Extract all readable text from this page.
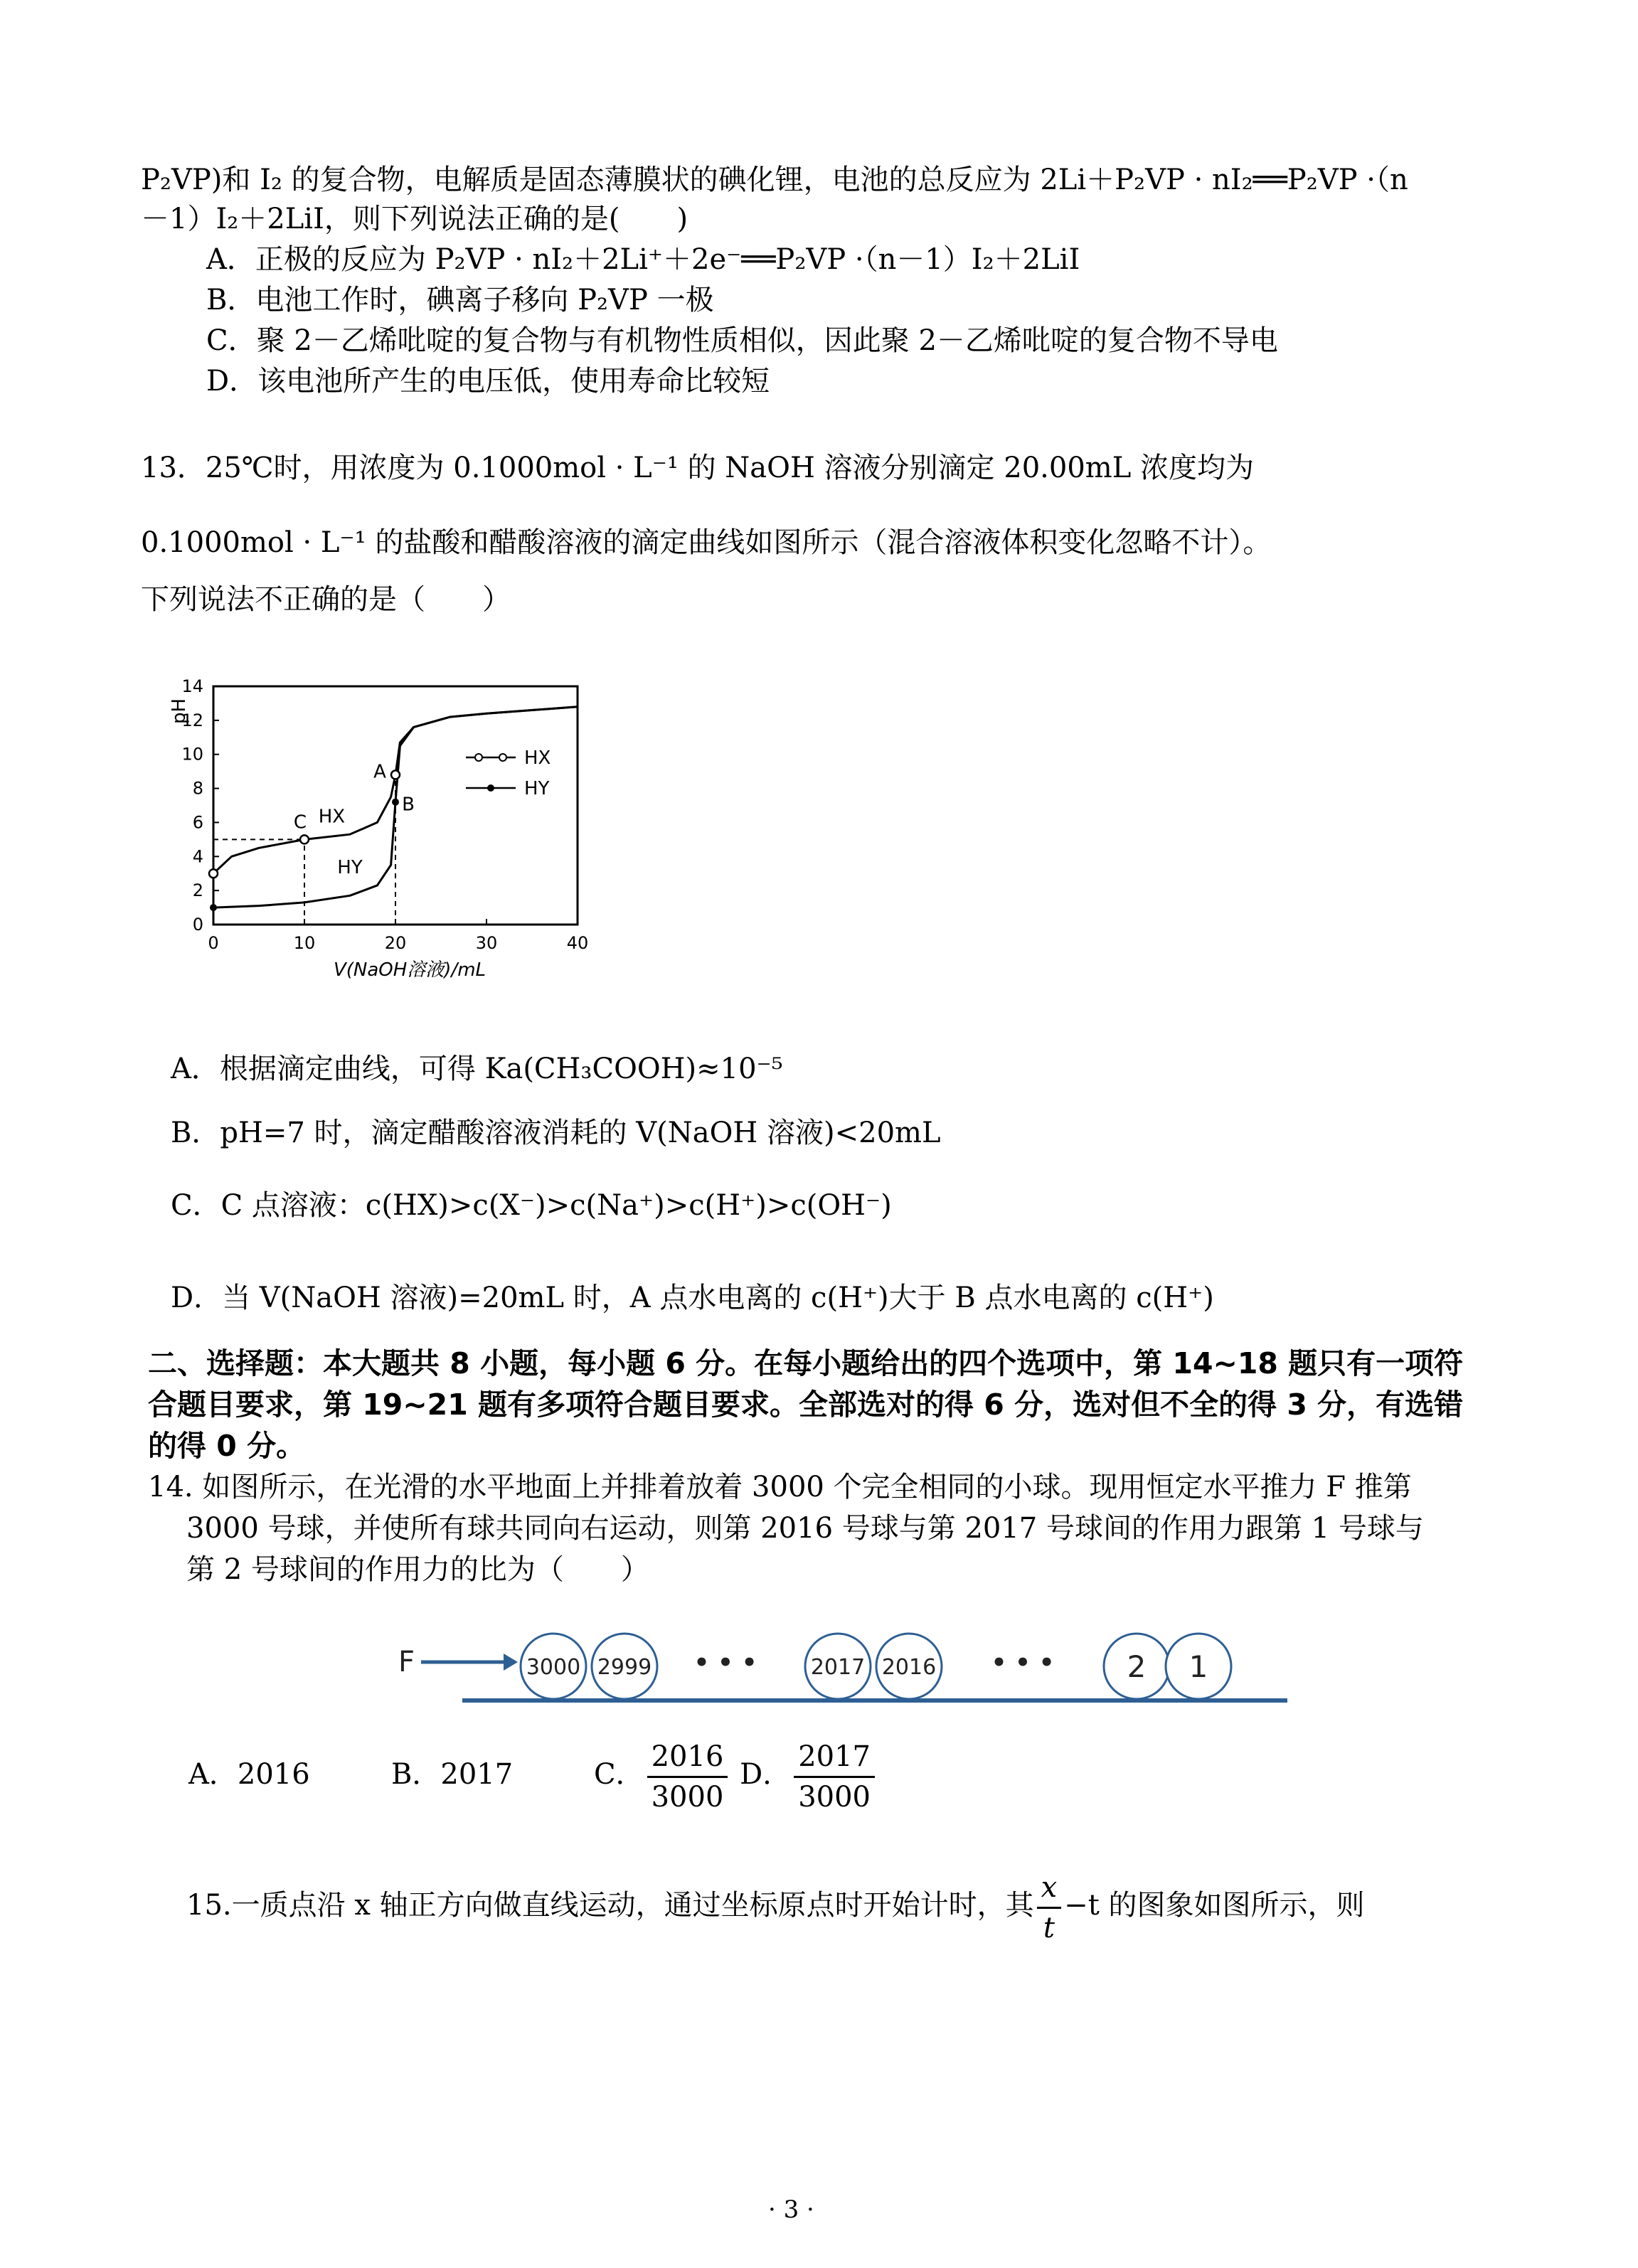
P₂VP)和 I₂ 的复合物，电解质是固态薄膜状的碘化锂，电池的总反应为 2Li＋P₂VP · nI₂══P₂VP ·（n
－1）I₂＋2LiI，则下列说法正确的是(　　)
A．正极的反应为 P₂VP · nI₂＋2Li⁺＋2e⁻══P₂VP ·（n－1）I₂＋2LiI
B．电池工作时，碘离子移向 P₂VP 一极
C．聚 2－乙烯吡啶的复合物与有机物性质相似，因此聚 2－乙烯吡啶的复合物不导电
D．该电池所产生的电压低，使用寿命比较短
13．25℃时，用浓度为 0.1000mol · L⁻¹ 的 NaOH 溶液分别滴定 20.00mL 浓度均为
0.1000mol · L⁻¹ 的盐酸和醋酸溶液的滴定曲线如图所示（混合溶液体积变化忽略不计）。
下列说法不正确的是（　　）
0
2
4
6
8
10
12
14
0	10	20	30	40
pH
V(NaOH溶液)/mL
A
B
C HX
HY
HX
HY
A．根据滴定曲线，可得 Ka(CH₃COOH)≈10⁻⁵
B．pH=7 时，滴定醋酸溶液消耗的 V(NaOH 溶液)<20mL
C．C 点溶液：c(HX)>c(X⁻)>c(Na⁺)>c(H⁺)>c(OH⁻)
D．当 V(NaOH 溶液)=20mL 时，A 点水电离的 c(H⁺)大于 B 点水电离的 c(H⁺)
二、选择题：本大题共 8 小题，每小题 6 分。在每小题给出的四个选项中，第 14~18 题只有一项符
合题目要求，第 19~21 题有多项符合题目要求。全部选对的得 6 分，选对但不全的得 3 分，有选错
的得 0 分。
14. 如图所示，在光滑的水平地面上并排着放着 3000 个完全相同的小球。现用恒定水平推力 F 推第
3000 号球，并使所有球共同向右运动，则第 2016 号球与第 2017 号球间的作用力跟第 1 号球与
第 2 号球间的作用力的比为（　　）
F	3000 2999	2017 2016	2 1
• • •	• • •
A．2016	B．2017	C． $\frac{2016}{3000}$ D． $\frac{2017}{3000}$
15.一质点沿 x 轴正方向做直线运动，通过坐标原点时开始计时，其 $\frac{x}{t} -t$ 的图象如图所示，则
· 3 ·
